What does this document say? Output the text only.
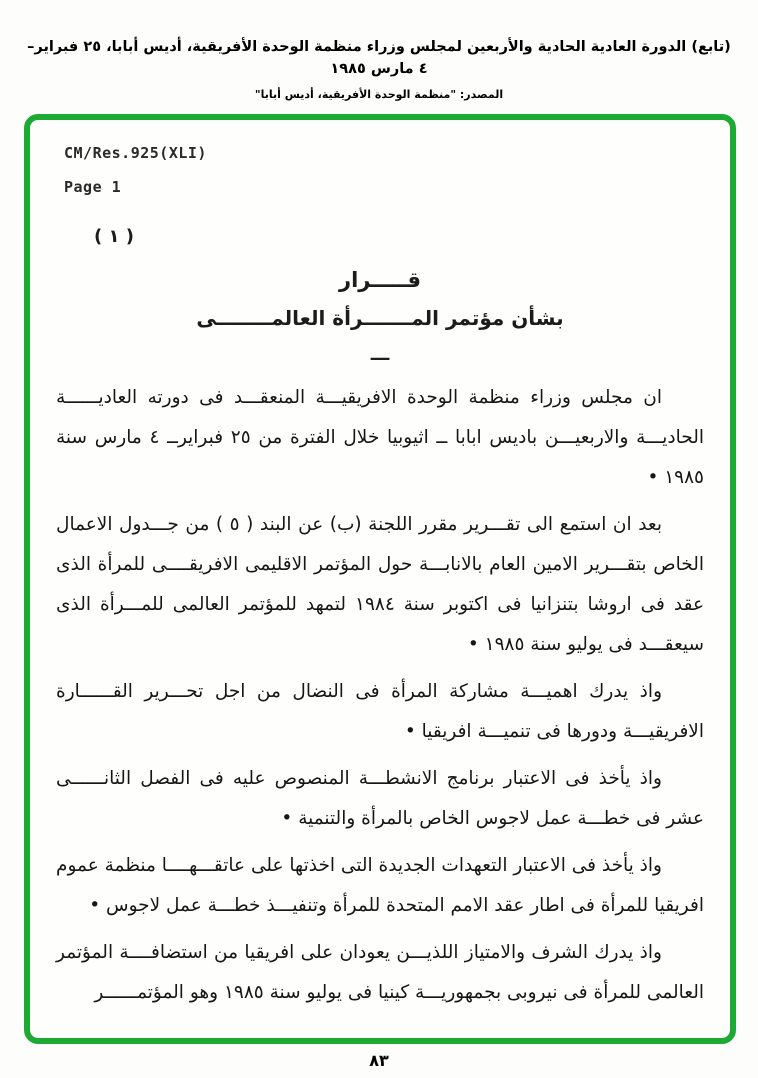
(تابع) الدورة العادية الحادية والأربعين لمجلس وزراء منظمة الوحدة الأفريقية، أديس أبابا، ٢٥ فبراير– ٤ مارس ١٩٨٥
المصدر: "منظمة الوحدة الأفريقية، أديس أبابا"
CM/Res.925(XLI)
Page 1
( ١ )
قـــــرار
بشأن مؤتمر المـــــــرأة العالمــــــــى
ـــ

ان مجلس وزراء منظمة الوحدة الافريقيـــة المنعقـــد فى دورته العاديــــــة الحاديـــة والاربعيـــن باديس ابابا ــ اثيوبيا خلال الفترة من ٢٥ فبرايرــ ٤ مارس سنة ١٩٨٥ •

بعد ان استمع الى تقـــرير مقرر اللجنة (ب) عن البند ( ٥ ) من جـــدول الاعمال الخاص بتقـــرير الامين العام بالانابـــة حول المؤتمر الاقليمى الافريقــــى للمرأة الذى عقد فى اروشا بتنزانيا فى اكتوبر سنة ١٩٨٤ لتمهد للمؤتمر العالمى للمـــرأة الذى سيعقـــد فى يوليو سنة ١٩٨٥ •

واذ يدرك اهميـــة مشاركة المرأة فى النضال من اجل تحـــرير القــــــارة الافريقيـــة ودورها فى تنميـــة افريقيا •

واذ يأخذ فى الاعتبار برنامج الانشطـــة المنصوص عليه فى الفصل الثانــــــى عشر فى خطـــة عمل لاجوس الخاص بالمرأة والتنمية •

واذ يأخذ فى الاعتبار التعهدات الجديدة التى اخذتها على عاتقـــهــــا منظمة عموم افريقيا للمرأة فى اطار عقد الامم المتحدة للمرأة وتنفيـــذ خطـــة عمل لاجوس •

واذ يدرك الشرف والامتياز اللذيـــن يعودان على افريقيا من استضافــــة المؤتمر العالمى للمرأة فى نيروبى بجمهوريـــة كينيا فى يوليو سنة ١٩٨٥ وهو المؤتمــــــر

٨٣
